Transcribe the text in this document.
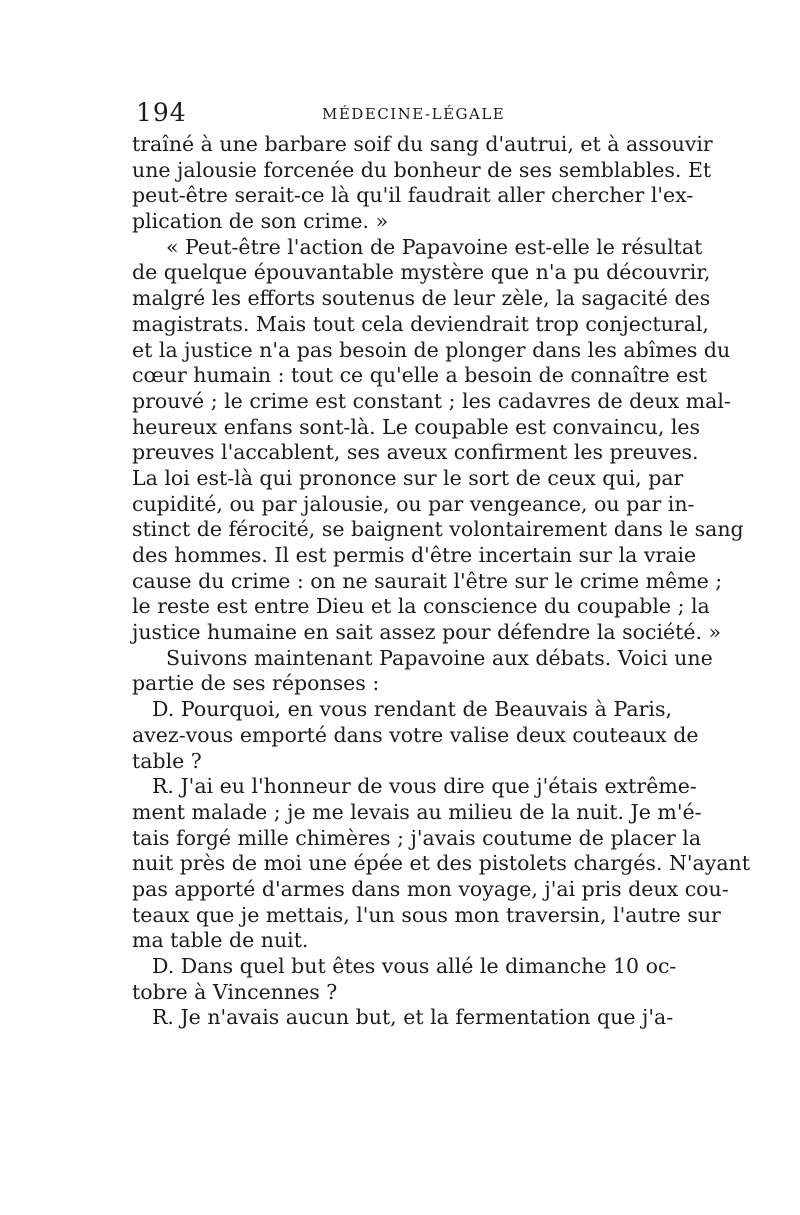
194	MÉDECINE-LÉGALE
traîné à une barbare soif du sang d'autrui, et à assouvir
une jalousie forcenée du bonheur de ses semblables. Et
peut-être serait-ce là qu'il faudrait aller chercher l'ex-
plication de son crime. »
« Peut-être l'action de Papavoine est-elle le résultat
de quelque épouvantable mystère que n'a pu découvrir,
malgré les efforts soutenus de leur zèle, la sagacité des
magistrats. Mais tout cela deviendrait trop conjectural,
et la justice n'a pas besoin de plonger dans les abîmes du
cœur humain : tout ce qu'elle a besoin de connaître est
prouvé ; le crime est constant ; les cadavres de deux mal-
heureux enfans sont-là. Le coupable est convaincu, les
preuves l'accablent, ses aveux confirment les preuves.
La loi est-là qui prononce sur le sort de ceux qui, par
cupidité, ou par jalousie, ou par vengeance, ou par in-
stinct de férocité, se baignent volontairement dans le sang
des hommes. Il est permis d'être incertain sur la vraie
cause du crime : on ne saurait l'être sur le crime même ;
le reste est entre Dieu et la conscience du coupable ; la
justice humaine en sait assez pour défendre la société. »
Suivons maintenant Papavoine aux débats. Voici une
partie de ses réponses :
D. Pourquoi, en vous rendant de Beauvais à Paris,
avez-vous emporté dans votre valise deux couteaux de
table ?
R. J'ai eu l'honneur de vous dire que j'étais extrême-
ment malade ; je me levais au milieu de la nuit. Je m'é-
tais forgé mille chimères ; j'avais coutume de placer la
nuit près de moi une épée et des pistolets chargés. N'ayant
pas apporté d'armes dans mon voyage, j'ai pris deux cou-
teaux que je mettais, l'un sous mon traversin, l'autre sur
ma table de nuit.
D. Dans quel but êtes vous allé le dimanche 10 oc-
tobre à Vincennes ?
R. Je n'avais aucun but, et la fermentation que j'a-
